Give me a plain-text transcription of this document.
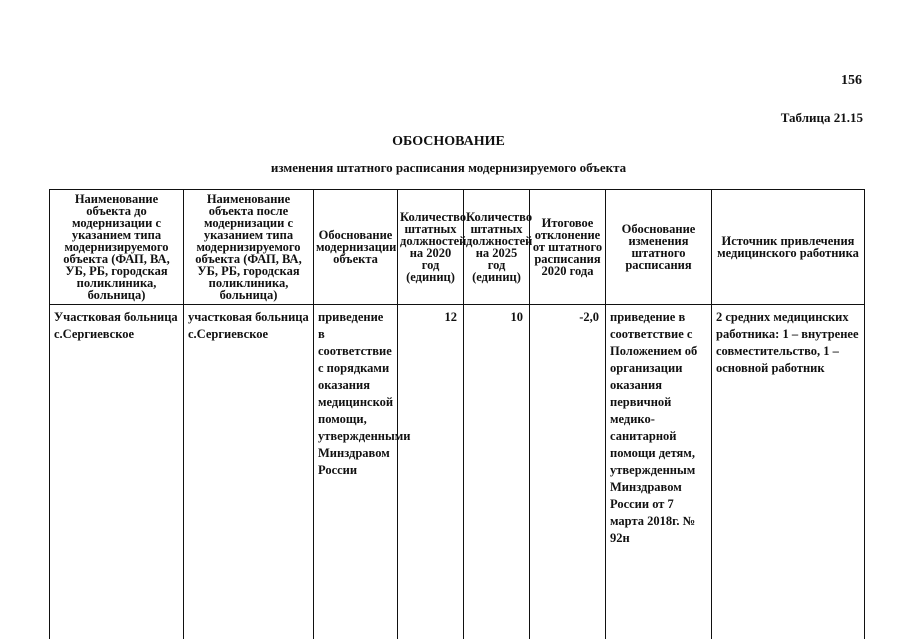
156
Таблица 21.15
ОБОСНОВАНИЕ
изменения штатного расписания модернизируемого объекта
Наименование объекта до модернизации с указанием типа модернизируемого объекта (ФАП, ВА, УБ, РБ, городская поликлиника, больница)	Наименование объекта после модернизации с указанием типа модернизируемого объекта (ФАП, ВА, УБ, РБ, городская поликлиника, больница)	Обоснование модернизации объекта	Количество штатных должностей на 2020 год (единиц)	Количество штатных должностей на 2025 год (единиц)	Итоговое отклонение от штатного расписания 2020 года	Обоснование изменения штатного расписания	Источник привлечения медицинского работника
Участковая больница с.Сергиевское	участковая больница с.Сергиевское	приведение в соответствие с порядками оказания медицинской помощи, утвержденными Минздравом России	12	10	-2,0	приведение в соответствие с Положением об организации оказания первичной медико-санитарной помощи детям, утвержденным Минздравом России от 7 марта 2018г. № 92н	2 средних медицинских работника: 1 – внутренее совместительство, 1 – основной работник
